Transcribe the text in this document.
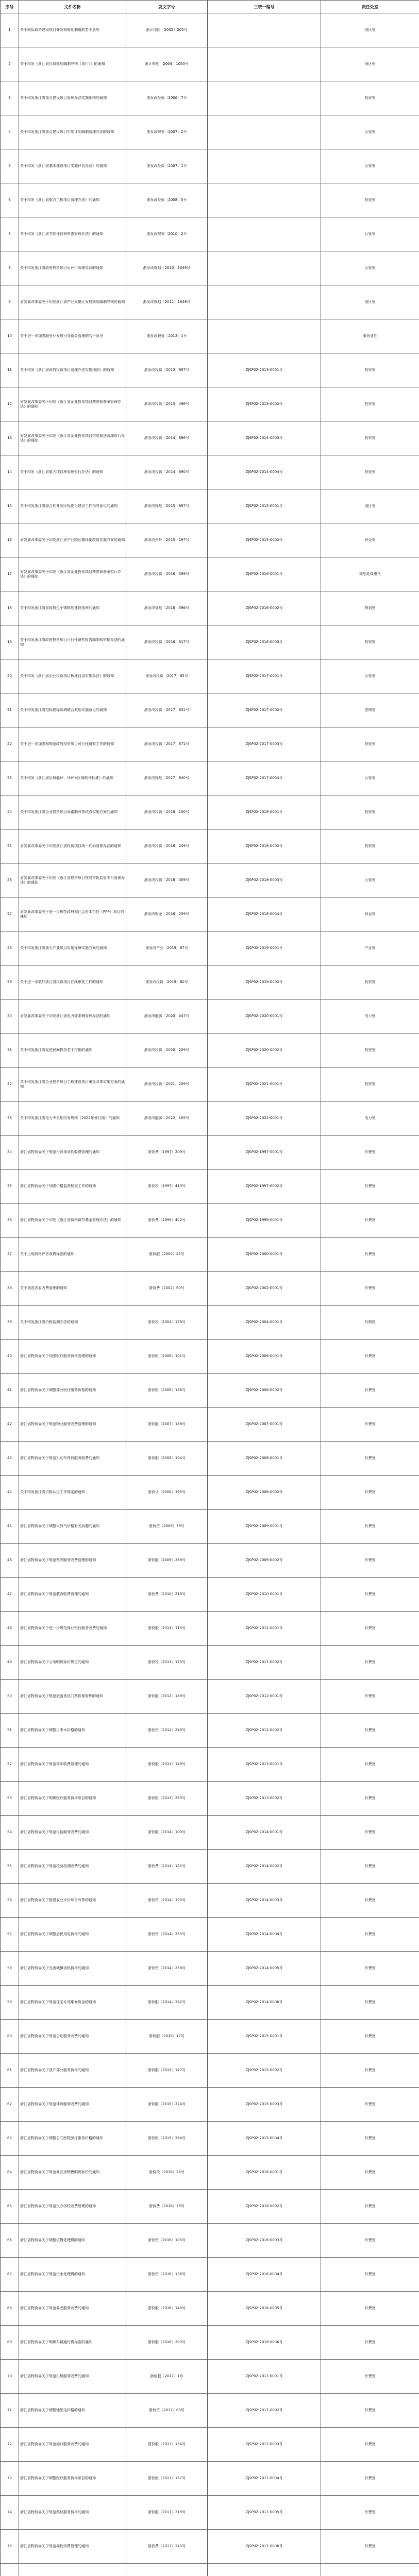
序号	文件名称	发文字号	三统一编号	责任处室
1	关于同际商务建设项目开发和规划利用的若干意见	浙计地区〔2002〕205号		地区处
2	关于印发《浙江省区域规划编制导则（试行）》的通知	浙计规划〔2004〕1050号		地区处
3	关于印发浙江省重点建设项目管理办法实施细则的通知	浙发改投资〔2006〕7号		投资处
4	关于印发浙江省重点建设项目年度计划编制管理办法的通知	浙发改规划〔2007〕2号		公管处
5	关于印发《浙江省基本建设项目实施评价办法》的通知	浙发改投资〔2007〕1号		公管处
6	关于印发《浙江省重点工程项目管理办法》的通知	浙发改投资〔2008〕5号		投资处
7	关于印发《浙江省节能评估和审查管理办法》的通知	浙发改规划〔2010〕2号		公管处
8	关于印发浙江省政府投资项目后评价管理办法的通知	浙发改规划〔2010〕1049号		公管处
9	省发展改革委关于印发浙江省产业集聚区发展规划编制导则的通知	浙发改规划〔2011〕1048号		地区处
10	关于进一步加强服务业发展引导资金管理的若干意见	浙发改服务〔2013〕1号		服务业处
11	关于印发《浙江省政府投资项目管理办法实施细则》的通知	浙发改投资〔2013〕697号	ZJSP02-2013-0001号	投资处
12	省发展改革委关于印发《浙江省企业投资项目核准和备案管理办法》的通知	浙发改投资〔2013〕496号	ZJSP02-2013-0002号	投资处
13	省发展改革委关于印发《浙江省企业投资项目信息报送管理暂行办法》的通知	浙发改投资〔2014〕696号	ZJSP02-2014-0003号	投资处
14	关于印发《浙江省重大项目库管理暂行办法》的通知	浙发改投资〔2014〕690号	ZJSP02-2014-0004号	投资处
15	关于印发浙江省综合性开发区标准化建设工作指导意见的通知	浙发改规划〔2015〕697号	ZJSP02-2015-0001号	地区处
16	省发展改革委关于印发浙江省产业园区循环化改造实施方案的通知	浙发改资环〔2015〕197号	ZJSP02-2015-0002号	财金处
17	省发展改革委关于印发《浙江省企业投资项目核准和备案暂行办法》的通知	浙发改投资〔2016〕599号	ZJSP02-2016-0001号	规划处煤电气
18	关于印发浙江省省级特色小镇规划建设指南的通知	浙发改规划〔2016〕596号	ZJSP02-2016-0002号	规划处
19	关于印发浙江省政府投资项目可行性研究报告编制和审批办法的通知	浙发改投资〔2016〕617号	ZJSP02-2016-0003号	投资处
20	关于印发《浙江省企业投资项目核准目录实施办法》的通知	浙发改投资〔2017〕85号	ZJSP02-2017-0001号	公管处
21	关于印发浙江省招标投标领域联合奖惩实施意见的通知	浙发改投资〔2017〕831号	ZJSP02-2017-0002号	法规处
22	关于进一步加强和规范政府投资项目可行性研究工作的通知	浙发改投资〔2017〕871号	ZJSP02-2017-0003号	投资处
23	关于印发《浙江省区域能评、环评+区域能评标准》的通知	浙发改规划〔2017〕840号	ZJSP02-2017-0004号	公管处
24	关于印发浙江省企业投资项目承诺制改革试点实施方案的通知	浙发改投资〔2018〕150号	ZJSP02-2018-0001号	投资处
25	省发展改革委关于印发浙江省投资项目统一代码管理办法的通知	浙发改投资〔2018〕249号	ZJSP02-2018-0002号	投资处
26	省发展改革委关于印发《浙江省投资项目在线审批监管平台管理办法》的通知	浙发改投资〔2018〕359号	ZJSP02-2018-0003号	公管处
27	省发展改革委关于进一步规范政府和社会资本合作（PPP）项目的通知	浙发改财金〔2018〕259号	ZJSP02-2018-0004号	财金处
28	关于印发浙江省重大产业项目用地保障实施方案的通知	浙发改产业〔2019〕87号	ZJSP02-2019-0001号	产业处
29	关于进一步做好浙江省投资项目在线审批工作的通知	浙发改投资〔2019〕80号	ZJSP02-2019-0002号	投资处
30	省发展改革委关于印发浙江省电力需求侧管理办法的通知	浙发改能源〔2020〕347号	ZJSP02-2020-0001号	电力处
31	关于印发浙江省促进民间投资若干措施的通知	浙发改投资〔2020〕209号	ZJSP02-2020-0002号	投资处
32	关于印发浙江省企业投资项目工程建设项目审批改革实施方案的通知	浙发改投资〔2021〕209号	ZJSP02-2021-0001号	投资处
33	关于印发浙江省电力中长期交易规则（2022年修订版）的通知	浙发改能源〔2022〕105号	ZJSP02-2022-0001号	电力处
34	浙江省物价局关于规范行政事业性收费管理的通知	浙价费〔1997〕209号	ZJSP02-1997-0001号	价费处
35	浙江省物价局关于加强价格监督检查工作的通知	浙价检〔1997〕410号	ZJSP02-1997-0002号	价费处
36	浙江省物价局关于印发《浙江省价格调节基金管理办法》的通知	浙价费〔1999〕402号	ZJSP02-1999-0001号	价费处
37	关于土地价格评估收费标准的通知	浙价服〔2000〕47号	ZJSP02-2000-0001号	价费处
38	关于规范涉农收费管理的通知	浙价费〔2002〕60号	ZJSP02-2002-0001号	价费处
39	关于印发浙江省价格监测办法的通知	浙价检〔2004〕178号	ZJSP02-2004-0001号	价格处
40	浙江省物价局关于加强医疗服务价格管理的通知	浙价医〔2006〕101号	ZJSP02-2006-0001号	价费处
41	浙江省物价局关于调整部分医疗服务价格的通知	浙价医〔2006〕186号	ZJSP02-2006-0002号	价费处
42	浙江省物价局关于规范物业服务收费管理的通知	浙价服〔2007〕188号	ZJSP02-2007-0001号	价费处
43	浙江省物价局关于规范机动车停放服务收费的通知	浙价服〔2008〕194号	ZJSP02-2008-0001号	价费处
44	关于印发浙江省价格认定工作规定的通知	浙价认〔2008〕195号	ZJSP02-2008-0002号	价费处
45	浙江省物价局关于调整天然气价格有关问题的通知	浙价资〔2009〕79号	ZJSP02-2009-0001号	价费处
46	浙江省物价局关于规范殡葬服务收费管理的通知	浙价服〔2009〕268号	ZJSP02-2009-0002号	价费处
47	浙江省物价局关于规范教育收费管理的通知	浙价费〔2010〕218号	ZJSP02-2010-0001号	价费处
48	浙江省物价局关于进一步规范商业银行服务收费的通知	浙价服〔2011〕115号	ZJSP02-2011-0001号	价费处
49	浙江省物价局关于公布明码标价规定的通知	浙价检〔2011〕173号	ZJSP02-2011-0002号	价费处
50	浙江省物价局关于规范旅游景区门票价格管理的通知	浙价服〔2012〕189号	ZJSP02-2012-0001号	价费处
51	浙江省物价局关于调整自来水价格的通知	浙价资〔2012〕249号	ZJSP02-2012-0002号	价费处
52	浙江省物价局关于规范停车收费管理的通知	浙价服〔2013〕149号	ZJSP02-2013-0001号	价费处
53	浙江省物价局关于明确医疗服务价格项目的通知	浙价医〔2013〕293号	ZJSP02-2013-0002号	价费处
54	浙江省物价局关于规范电信服务收费的通知	浙价服〔2014〕100号	ZJSP02-2014-0001号	价费处
55	浙江省物价局关于规范检验检测收费的通知	浙价费〔2014〕121号	ZJSP02-2014-0002号	价费处
56	浙江省物价局关于推进农业水价综合改革的通知	浙价资〔2014〕193号	ZJSP02-2014-0003号	价费处
57	浙江省物价局关于调整居民用电价格的通知	浙价资〔2014〕253号	ZJSP02-2014-0004号	价费处
58	浙江省物价局关于完善城镇供热价格的通知	浙价资〔2014〕258号	ZJSP02-2014-0005号	价费处
59	浙江省物价局关于规范住宅专项维修资金的通知	浙价服〔2014〕282号	ZJSP02-2014-0006号	价费处
60	浙江省物价局关于规范公证服务收费的通知	浙价服〔2015〕17号	ZJSP02-2015-0001号	价费处
61	浙江省物价局关于放开部分服务价格的通知	浙价服〔2015〕147号	ZJSP02-2015-0002号	价费处
62	浙江省物价局关于规范律师服务收费的通知	浙价服〔2015〕224号	ZJSP02-2015-0003号	价费处
63	浙江省物价局关于调整公立医院医疗服务价格的通知	浙价医〔2015〕264号	ZJSP02-2015-0004号	价费处
64	浙江省物价局关于规范商品房销售明码标价的通知	浙价检〔2016〕28号	ZJSP02-2016-0001号	价费处
65	浙江省物价局关于规范民办学校收费管理的通知	浙价费〔2016〕78号	ZJSP02-2016-0002号	价费处
66	浙江省物价局关于调整垃圾处理费的通知	浙价资〔2016〕105号	ZJSP02-2016-0003号	价费处
67	浙江省物价局关于规范污水处理费的通知	浙价资〔2016〕136号	ZJSP02-2016-0004号	价费处
68	浙江省物价局关于规范养老服务收费的通知	浙价服〔2016〕140号	ZJSP02-2016-0005号	价费处
69	浙江省物价局关于明确车辆通行费标准的通知	浙价服〔2016〕203号	ZJSP02-2016-0006号	价费处
70	浙江省物价局关于规范机场服务收费的通知	浙价服〔2017〕1号	ZJSP02-2017-0001号	价费处
71	浙江省物价局关于调整输配电价格的通知	浙价资〔2017〕80号	ZJSP02-2017-0002号	价费处
72	浙江省物价局关于规范港口服务收费的通知	浙价服〔2017〕154号	ZJSP02-2017-0003号	价费处
73	浙江省物价局关于调整医疗服务价格项目的通知	浙价医〔2017〕157号	ZJSP02-2017-0004号	价费处
74	浙江省物价局关于规范殡仪服务价格的通知	浙价服〔2017〕219号	ZJSP02-2017-0005号	价费处
75	浙江省物价局关于规范高校学费管理的通知	浙价费〔2017〕243号	ZJSP02-2017-0006号	价费处
